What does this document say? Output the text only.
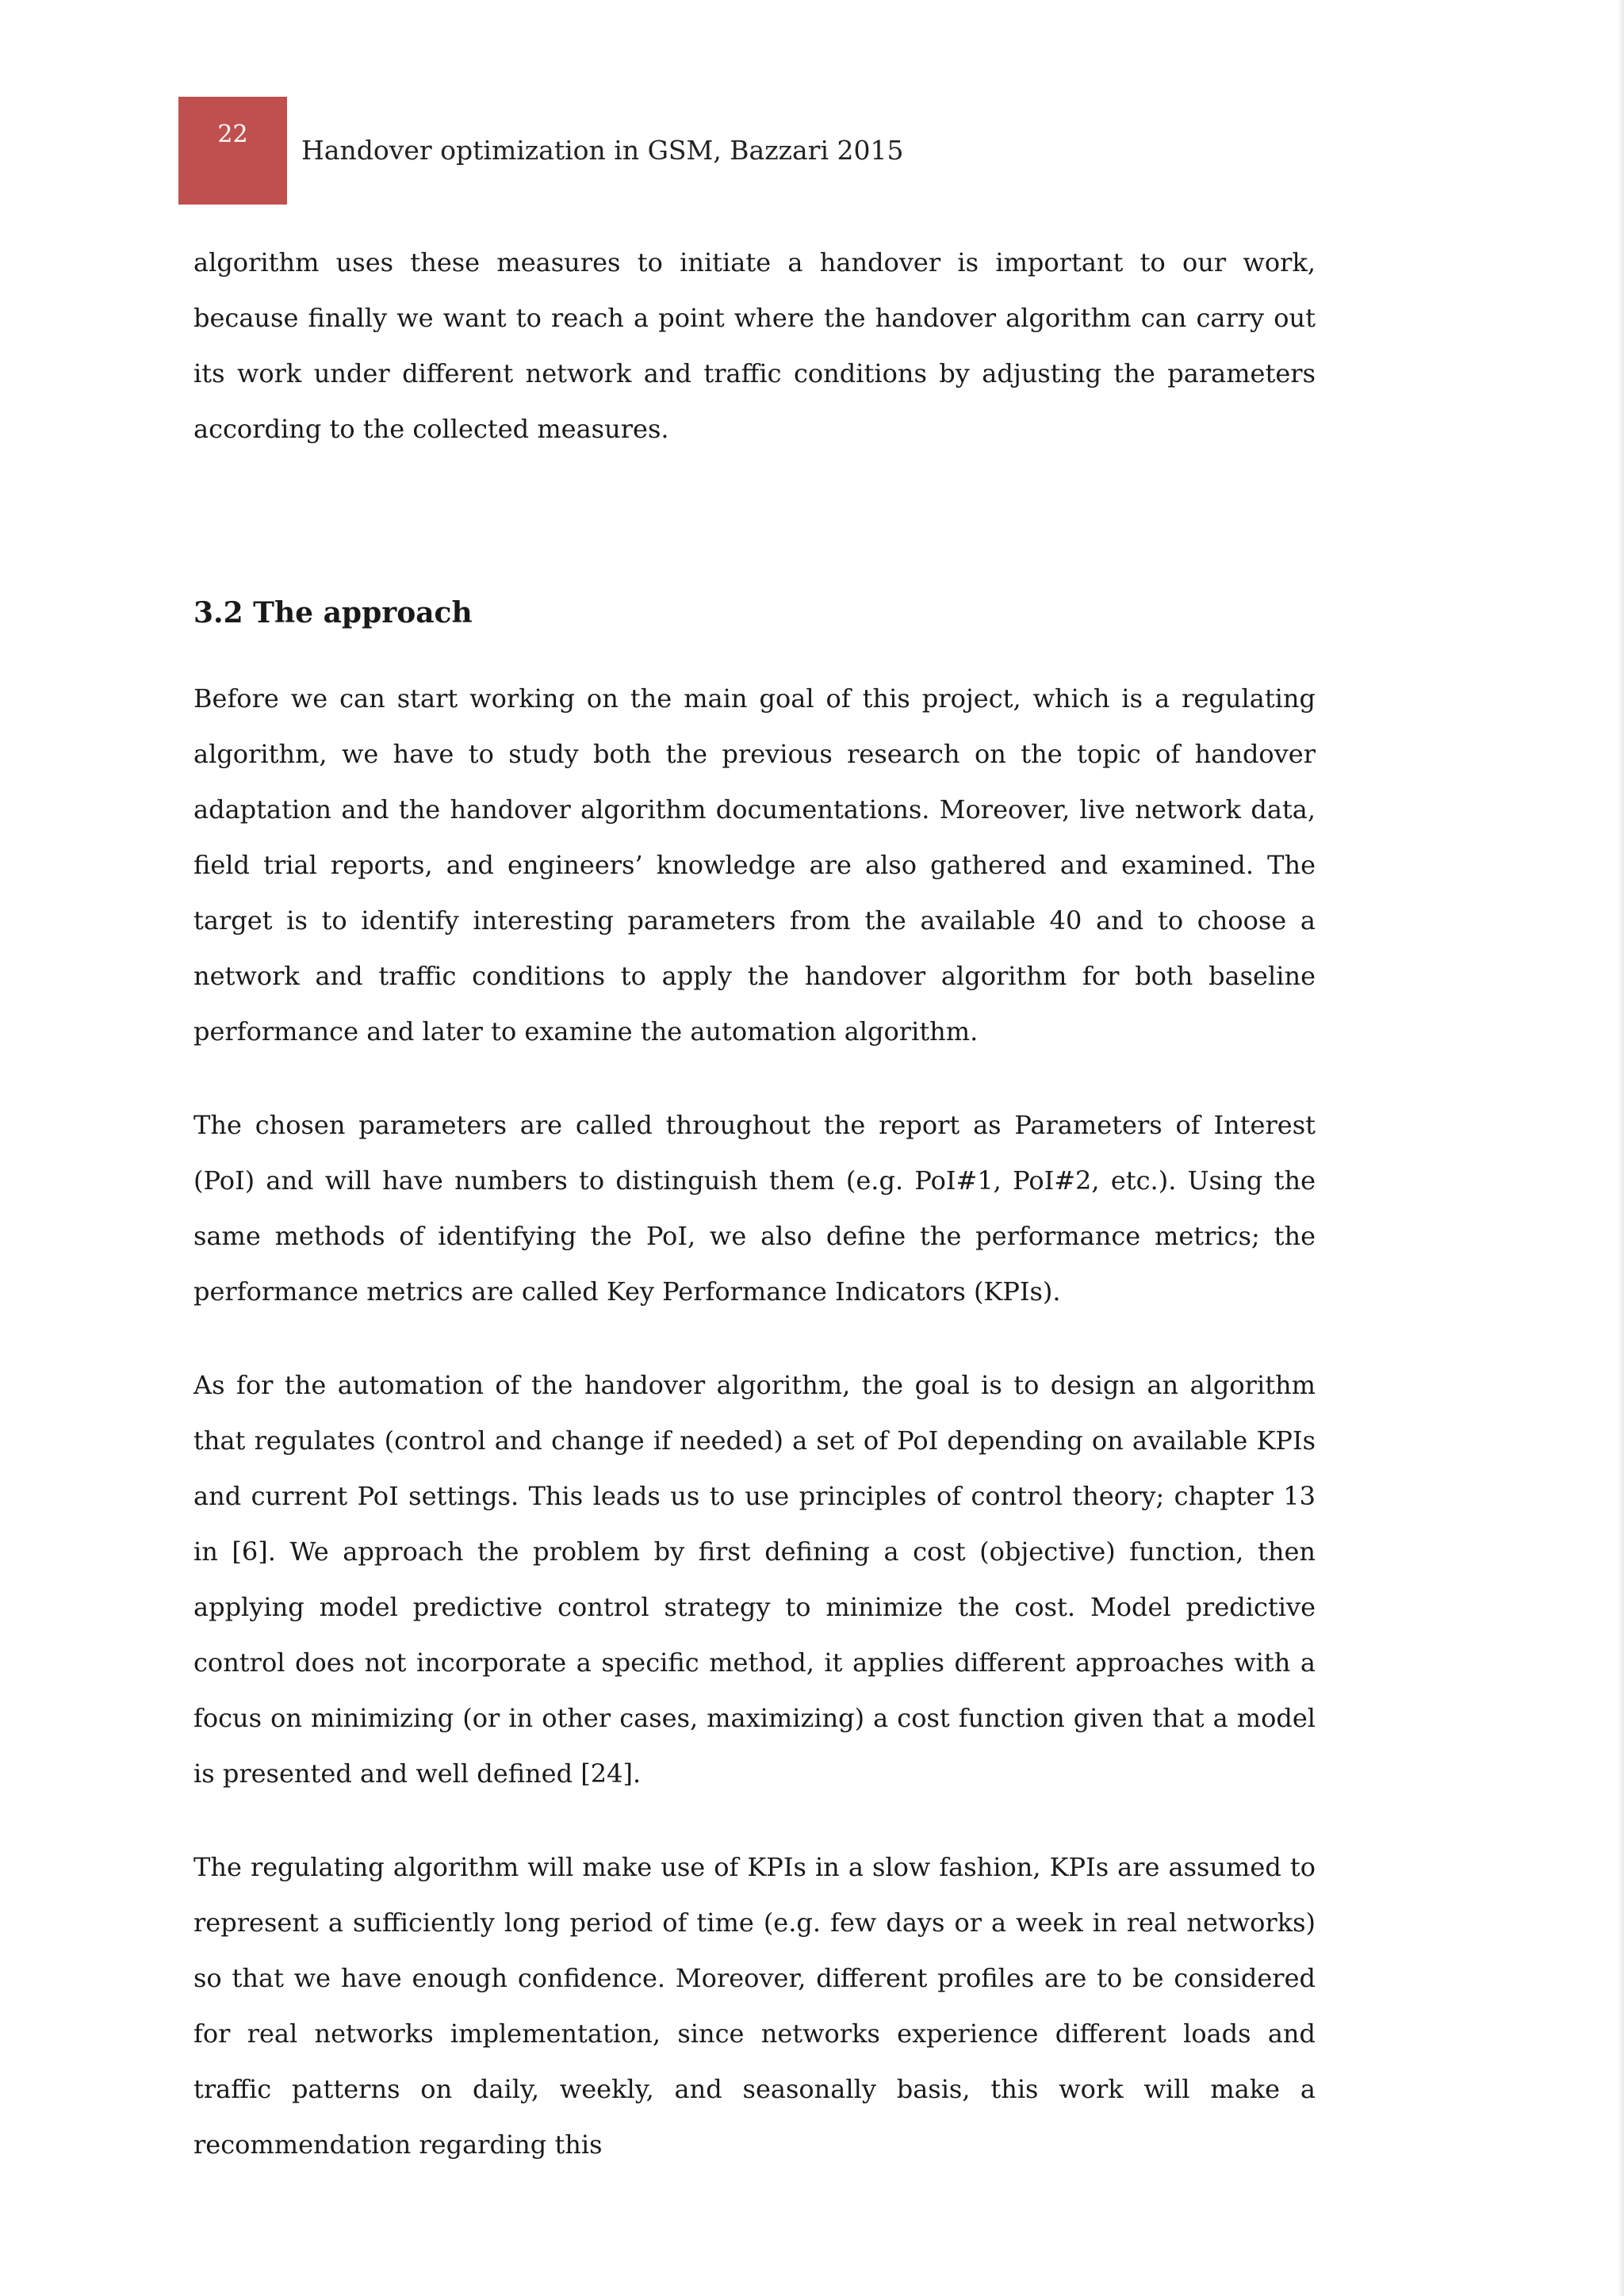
22
Handover optimization in GSM, Bazzari 2015

algorithm uses these measures to initiate a handover is important to our work, because finally we want to reach a point where the handover algorithm can carry out its work under different network and traffic conditions by adjusting the parameters according to the collected measures.

3.2 The approach

Before we can start working on the main goal of this project, which is a regulating algorithm, we have to study both the previous research on the topic of handover adaptation and the handover algorithm documentations. Moreover, live network data, field trial reports, and engineers’ knowledge are also gathered and examined. The target is to identify interesting parameters from the available 40 and to choose a network and traffic conditions to apply the handover algorithm for both baseline performance and later to examine the automation algorithm.

The chosen parameters are called throughout the report as Parameters of Interest (PoI) and will have numbers to distinguish them (e.g. PoI#1, PoI#2, etc.). Using the same methods of identifying the PoI, we also define the performance metrics; the performance metrics are called Key Performance Indicators (KPIs).

As for the automation of the handover algorithm, the goal is to design an algorithm that regulates (control and change if needed) a set of PoI depending on available KPIs and current PoI settings. This leads us to use principles of control theory; chapter 13 in [6]. We approach the problem by first defining a cost (objective) function, then applying model predictive control strategy to minimize the cost. Model predictive control does not incorporate a specific method, it applies different approaches with a focus on minimizing (or in other cases, maximizing) a cost function given that a model is presented and well defined [24].

The regulating algorithm will make use of KPIs in a slow fashion, KPIs are assumed to represent a sufficiently long period of time (e.g. few days or a week in real networks) so that we have enough confidence. Moreover, different profiles are to be considered for real networks implementation, since networks experience different loads and traffic patterns on daily, weekly, and seasonally basis, this work will make a recommendation regarding this
